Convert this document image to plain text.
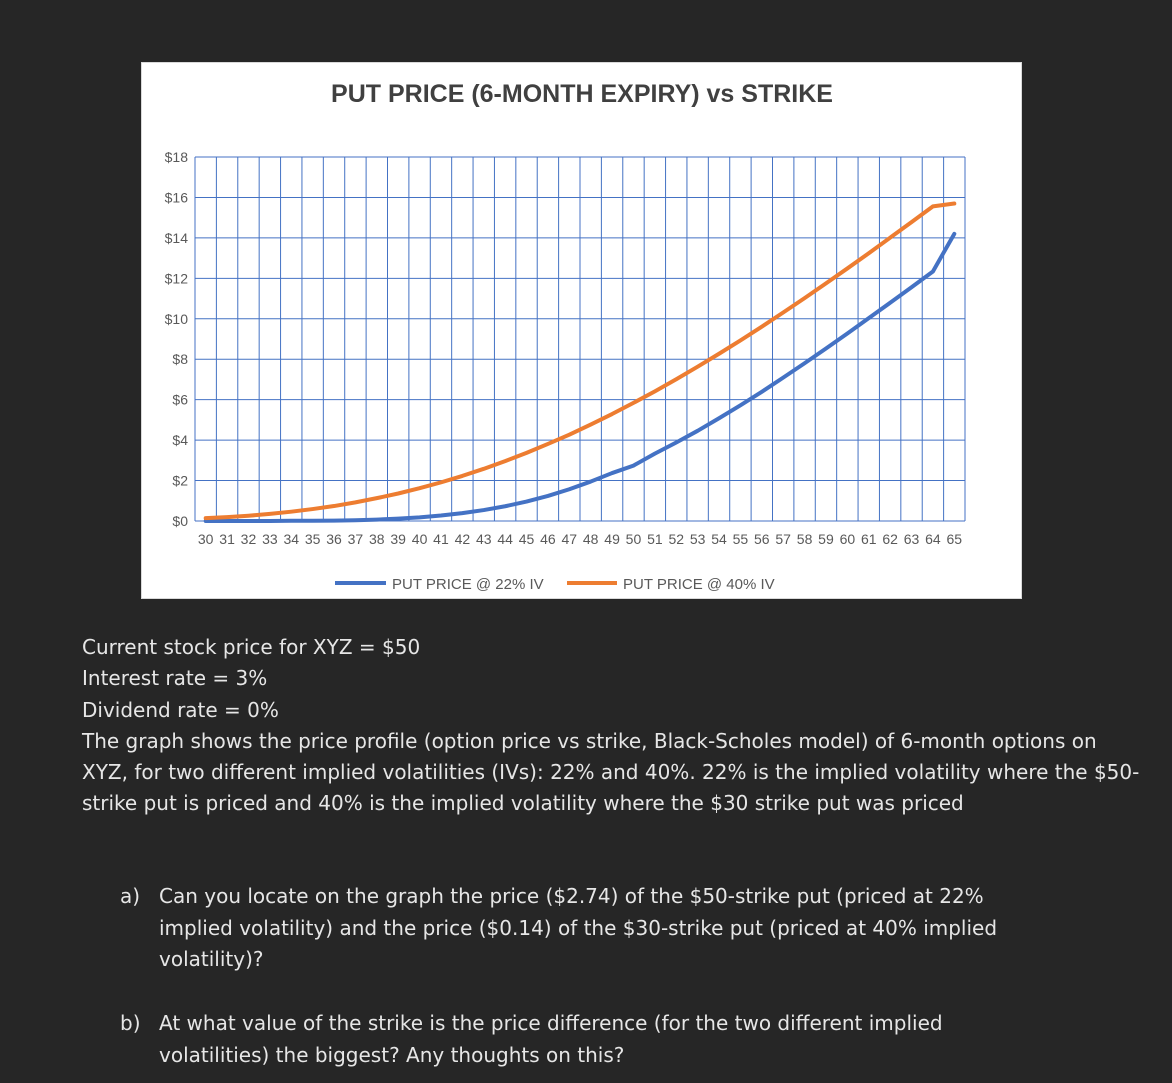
PUT PRICE (6-MONTH EXPIRY) vs STRIKE
$0
$2
$4
$6
$8
$10
$12
$14
$16
$18
30 31 32 33 34 35 36 37 38 39 40 41 42 43 44 45 46 47 48 49 50 51 52 53 54 55 56 57 58 59 60 61 62 63 64 65
PUT PRICE @ 22% IV	PUT PRICE @ 40% IV

Current stock price for XYZ = $50

Interest rate = 3%

Dividend rate = 0%

The graph shows the price profile (option price vs strike, Black-Scholes model) of 6-month options on XYZ, for two different implied volatilities (IVs): 22% and 40%. 22% is the implied volatility where the $50-strike put is priced and 40% is the implied volatility where the $30 strike put was priced

a) Can you locate on the graph the price ($2.74) of the $50-strike put (priced at 22% implied volatility) and the price ($0.14) of the $30-strike put (priced at 40% implied volatility)?
b) At what value of the strike is the price difference (for the two different implied volatilities) the biggest? Any thoughts on this?
